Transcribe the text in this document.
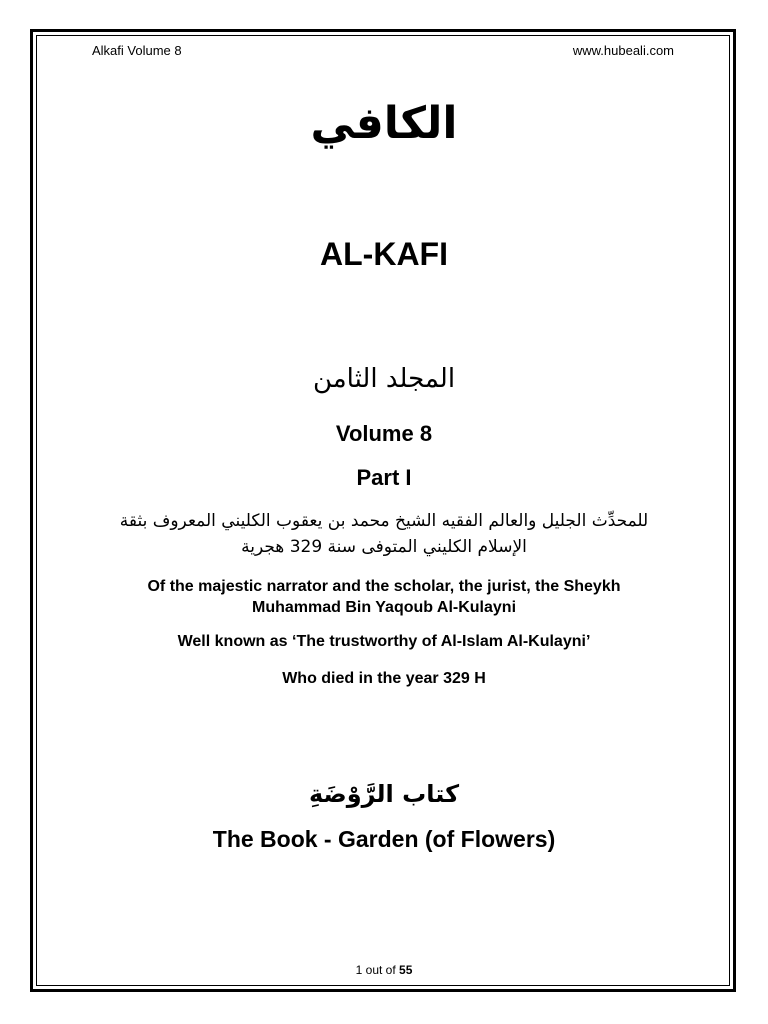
Alkafi Volume 8	www.hubeali.com
الكافي
AL-KAFI
المجلد الثامن
Volume 8
Part I
للمحدِّث الجليل والعالم الفقيه الشيخ محمد بن يعقوب الكليني المعروف بثقة
الإسلام الكليني المتوفى سنة 329 هجرية
Of the majestic narrator and the scholar, the jurist, the Sheykh
Muhammad Bin Yaqoub Al-Kulayni
Well known as ‘The trustworthy of Al-Islam Al-Kulayni’
Who died in the year 329 H
كتاب الرَّوْضَةِ
The Book - Garden (of Flowers)
1 out of 55
